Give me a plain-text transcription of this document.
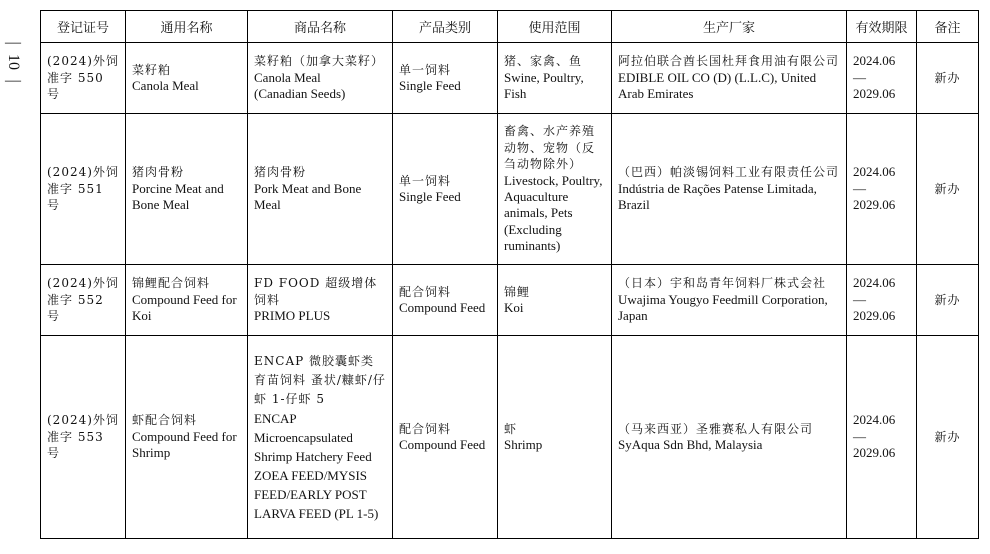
—
10
—
登记证号	通用名称	商品名称	产品类别	使用范围	生产厂家	有效期限	备注

(2024)外饲
准字 550 号	菜籽粕
Canola Meal	菜籽粕（加拿大菜籽）
Canola Meal
(Canadian Seeds)	单一饲料
Single Feed	猪、家禽、鱼
Swine, Poultry, Fish	阿拉伯联合酋长国杜拜食用油有限公司
EDIBLE OIL CO (D) (L.L.C), United Arab Emirates	2024.06 —
2029.06	新办

(2024)外饲
准字 551 号	猪肉骨粉
Porcine Meat and Bone Meal	猪肉骨粉
Pork Meat and Bone Meal	单一饲料
Single Feed	畜禽、水产养殖动物、宠物（反刍动物除外）
Livestock, Poultry, Aquaculture animals, Pets (Excluding ruminants)	（巴西）帕淡锡饲料工业有限责任公司
Indústria de Rações Patense Limitada, Brazil	2024.06 —
2029.06	新办

(2024)外饲
准字 552 号	锦鲤配合饲料
Compound Feed for Koi	FD FOOD 超级增体饲料
PRIMO PLUS	配合饲料
Compound Feed	锦鲤
Koi	（日本）宇和岛青年饲料厂株式会社
Uwajima Yougyo Feedmill Corporation, Japan	2024.06 —
2029.06	新办

(2024)外饲
准字 553 号	虾配合饲料
Compound Feed for Shrimp	ENCAP 微胶囊虾类育苗饲料 蚤状/糠虾/仔虾 1-仔虾 5
ENCAP Microencapsulated Shrimp Hatchery Feed ZOEA FEED/MYSIS FEED/EARLY POST LARVA FEED (PL 1-5)	配合饲料
Compound Feed	虾
Shrimp	（马来西亚）圣雅赛私人有限公司
SyAqua Sdn Bhd, Malaysia	2024.06 —
2029.06	新办
